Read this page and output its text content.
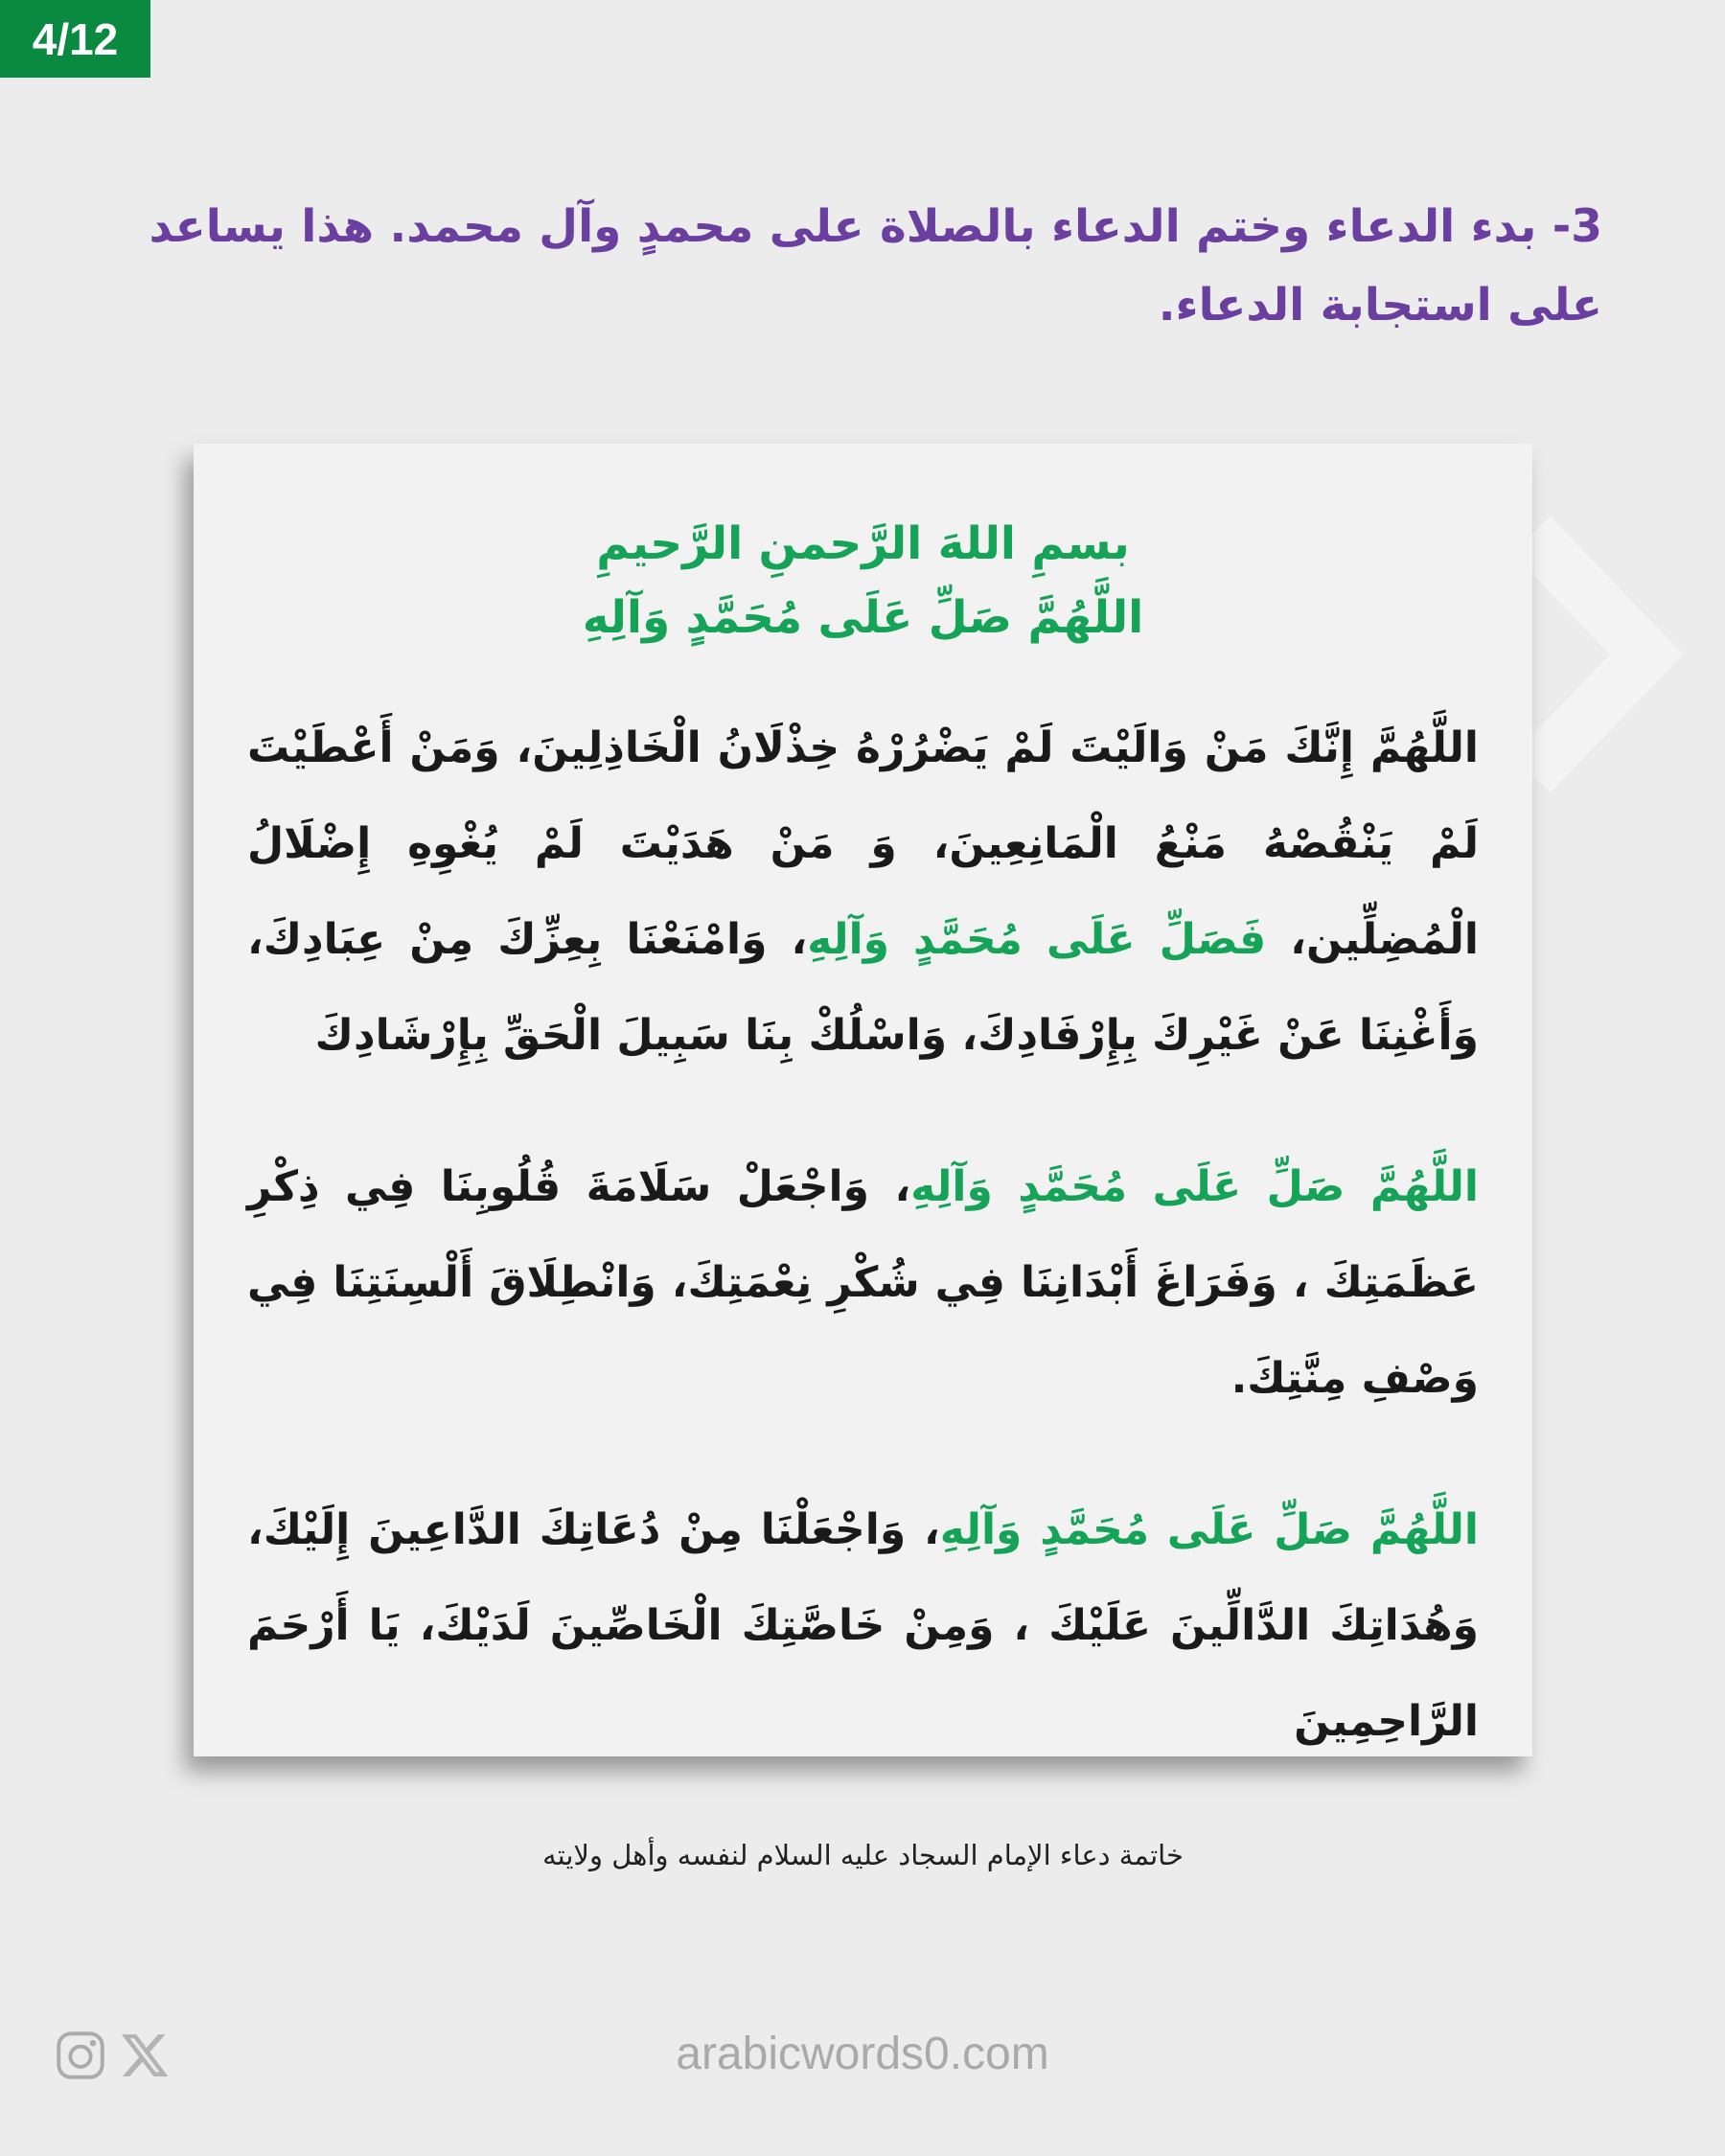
4/12
3- بدء الدعاء وختم الدعاء بالصلاة على محمدٍ وآل محمد. هذا يساعد على استجابة الدعاء.
بسمِ اللهَ الرَّحمنِ الرَّحيمِ
اللَّهُمَّ صَلِّ عَلَى مُحَمَّدٍ وَآلِهِ

اللَّهُمَّ إِنَّكَ مَنْ وَالَيْتَ لَمْ يَضْرُرْهُ خِذْلَانُ الْخَاذِلِينَ، وَمَنْ أَعْطَيْتَ لَمْ يَنْقُصْهُ مَنْعُ الْمَانِعِينَ، وَ مَنْ هَدَيْتَ لَمْ يُغْوِهِ إِضْلَالُ الْمُضِلِّين، فَصَلِّ عَلَى مُحَمَّدٍ وَآلِهِ، وَامْنَعْنَا بِعِزِّكَ مِنْ عِبَادِكَ، وَأَغْنِنَا عَنْ غَيْرِكَ بِإِرْفَادِكَ، وَاسْلُكْ بِنَا سَبِيلَ الْحَقِّ بِإِرْشَادِكَ

اللَّهُمَّ صَلِّ عَلَى مُحَمَّدٍ وَآلِهِ، وَاجْعَلْ سَلَامَةَ قُلُوبِنَا فِي ذِكْرِ عَظَمَتِكَ ، وَفَرَاغَ أَبْدَانِنَا فِي شُكْرِ نِعْمَتِكَ، وَانْطِلَاقَ أَلْسِنَتِنَا فِي وَصْفِ مِنَّتِكَ.

اللَّهُمَّ صَلِّ عَلَى مُحَمَّدٍ وَآلِهِ، وَاجْعَلْنَا مِنْ دُعَاتِكَ الدَّاعِينَ إِلَيْكَ، وَهُدَاتِكَ الدَّالِّينَ عَلَيْكَ ، وَمِنْ خَاصَّتِكَ الْخَاصِّينَ لَدَيْكَ، يَا أَرْحَمَ الرَّاحِمِينَ

خاتمة دعاء الإمام السجاد عليه السلام لنفسه وأهل ولايته
arabicwords0.com
